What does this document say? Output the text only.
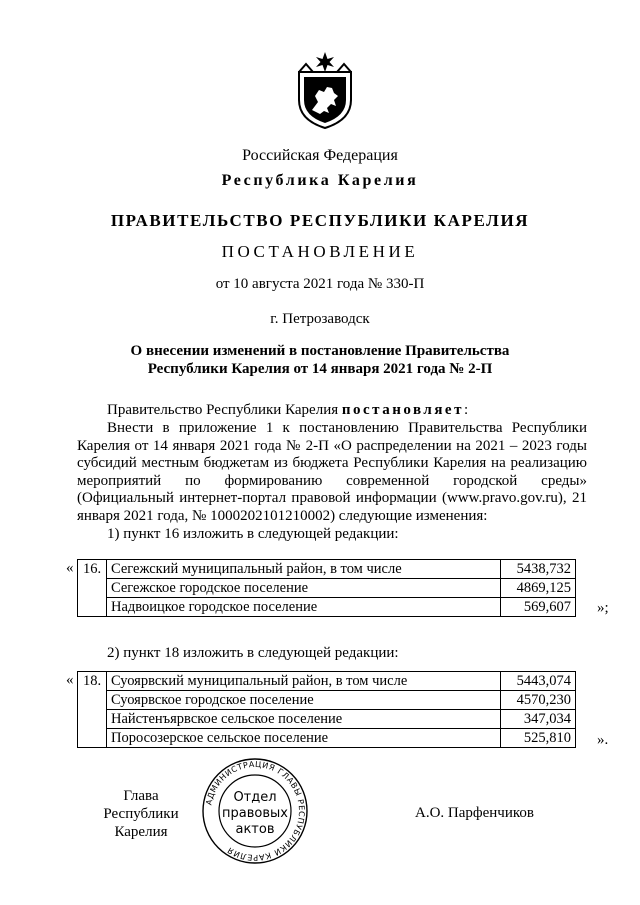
Российская Федерация
Республика Карелия
ПРАВИТЕЛЬСТВО РЕСПУБЛИКИ КАРЕЛИЯ
ПОСТАНОВЛЕНИЕ
от 10 августа 2021 года № 330-П
г. Петрозаводск
О внесении изменений в постановление Правительства
Республики Карелия от 14 января 2021 года № 2-П
Правительство Республики Карелия постановляет:
Внести в приложение 1 к постановлению Правительства Республики Карелия от 14 января 2021 года № 2-П «О распределении на 2021 – 2023 годы субсидий местным бюджетам из бюджета Республики Карелия на реализацию мероприятий по формированию современной городской среды» (Официальный интернет-портал правовой информации (www.pravo.gov.ru), 21 января 2021 года, № 1000202101210002) следующие изменения:
1) пункт 16 изложить в следующей редакции:
« 16.	Сегежский муниципальный район, в том числе	5438,732
	Сегежское городское поселение	4869,125
	Надвоицкое городское поселение	569,607 »;
2) пункт 18 изложить в следующей редакции:
« 18.	Суоярвский муниципальный район, в том числе	5443,074
	Суоярвское городское поселение	4570,230
	Найстенъярвское сельское поселение	347,034
	Поросозерское сельское поселение	525,810 ».
Глава
Республики Карелия
А.О. Парфенчиков
АДМИНИСТРАЦИЯ ГЛАВЫ РЕСПУБЛИКИ КАРЕЛИЯ
Отдел
правовых
актов
